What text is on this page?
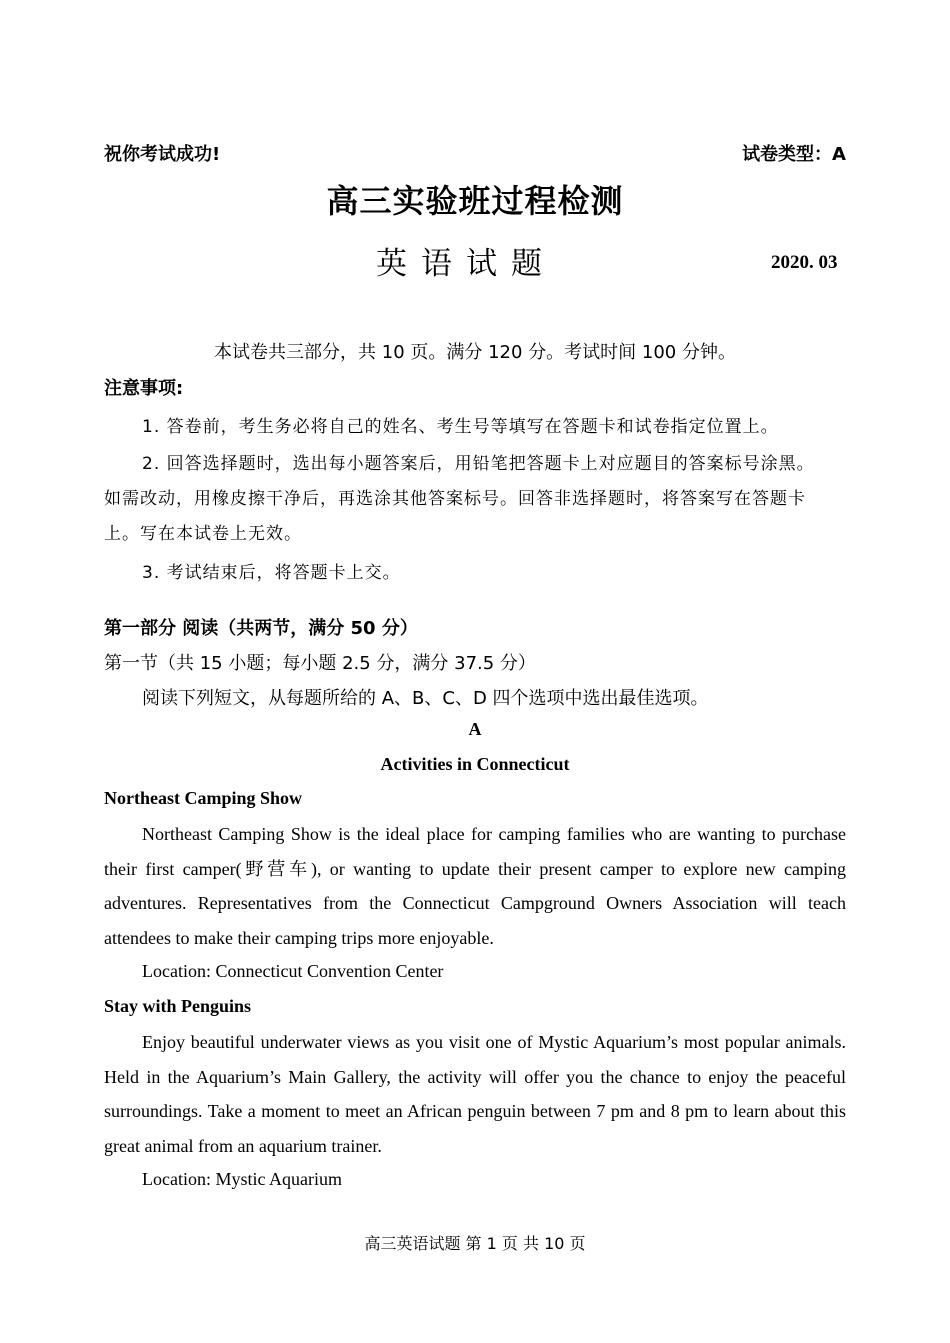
祝你考试成功!	试卷类型：A
高三实验班过程检测
英语试题	2020. 03
本试卷共三部分，共 10 页。满分 120 分。考试时间 100 分钟。
注意事项:
1. 答卷前，考生务必将自己的姓名、考生号等填写在答题卡和试卷指定位置上。
2. 回答选择题时，选出每小题答案后，用铅笔把答题卡上对应题目的答案标号涂黑。
如需改动，用橡皮擦干净后，再选涂其他答案标号。回答非选择题时，将答案写在答题卡
上。写在本试卷上无效。
3. 考试结束后，将答题卡上交。
第一部分 阅读（共两节，满分 50 分）
第一节（共 15 小题；每小题 2.5 分，满分 37.5 分）
阅读下列短文，从每题所给的 A、B、C、D 四个选项中选出最佳选项。
A
Activities in Connecticut
Northeast Camping Show

Northeast Camping Show is the ideal place for camping families who are wanting to purchase their first camper(野营车), or wanting to update their present camper to explore new camping adventures. Representatives from the Connecticut Campground Owners Association will teach attendees to make their camping trips more enjoyable.

Location: Connecticut Convention Center
Stay with Penguins

Enjoy beautiful underwater views as you visit one of Mystic Aquarium’s most popular animals. Held in the Aquarium’s Main Gallery, the activity will offer you the chance to enjoy the peaceful surroundings. Take a moment to meet an African penguin between 7 pm and 8 pm to learn about this great animal from an aquarium trainer.

Location: Mystic Aquarium
高三英语试题 第 1 页 共 10 页
